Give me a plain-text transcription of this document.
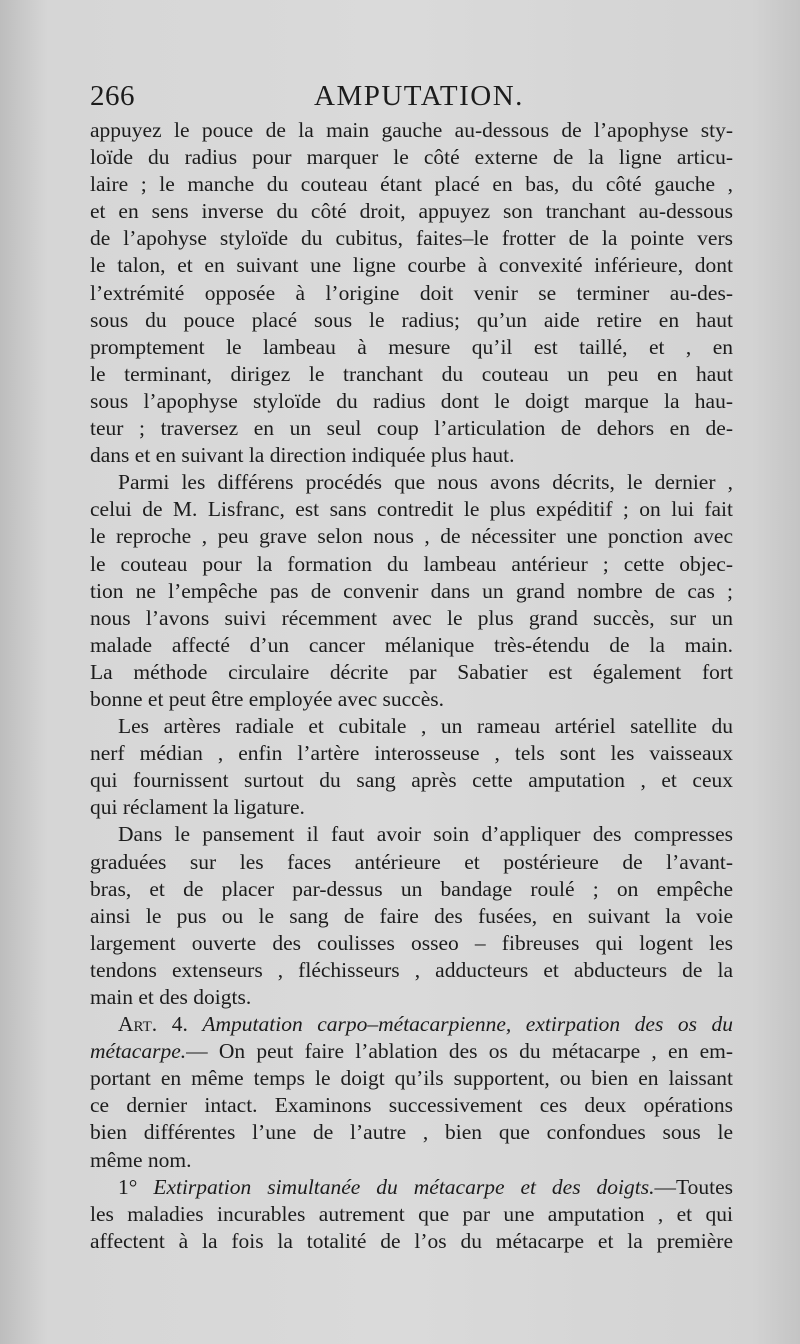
266	AMPUTATION.
appuyez le pouce de la main gauche au-dessous de l’apophyse sty-
loïde du radius pour marquer le côté externe de la ligne articu-
laire ; le manche du couteau étant placé en bas, du côté gauche ,
et en sens inverse du côté droit, appuyez son tranchant au-dessous
de l’apohyse styloïde du cubitus, faites–le frotter de la pointe vers
le talon, et en suivant une ligne courbe à convexité inférieure, dont
l’extrémité opposée à l’origine doit venir se terminer au-des-
sous du pouce placé sous le radius; qu’un aide retire en haut
promptement le lambeau à mesure qu’il est taillé, et , en
le terminant, dirigez le tranchant du couteau un peu en haut
sous l’apophyse styloïde du radius dont le doigt marque la hau-
teur ; traversez en un seul coup l’articulation de dehors en de-
dans et en suivant la direction indiquée plus haut.
Parmi les différens procédés que nous avons décrits, le dernier ,
celui de M. Lisfranc, est sans contredit le plus expéditif ; on lui fait
le reproche , peu grave selon nous , de nécessiter une ponction avec
le couteau pour la formation du lambeau antérieur ; cette objec-
tion ne l’empêche pas de convenir dans un grand nombre de cas ;
nous l’avons suivi récemment avec le plus grand succès, sur un
malade affecté d’un cancer mélanique très-étendu de la main.
La méthode circulaire décrite par Sabatier est également fort
bonne et peut être employée avec succès.
Les artères radiale et cubitale , un rameau artériel satellite du
nerf médian , enfin l’artère interosseuse , tels sont les vaisseaux
qui fournissent surtout du sang après cette amputation , et ceux
qui réclament la ligature.
Dans le pansement il faut avoir soin d’appliquer des compresses
graduées sur les faces antérieure et postérieure de l’avant-
bras, et de placer par-dessus un bandage roulé ; on empêche
ainsi le pus ou le sang de faire des fusées, en suivant la voie
largement ouverte des coulisses osseo – fibreuses qui logent les
tendons extenseurs , fléchisseurs , adducteurs et abducteurs de la
main et des doigts.
Art. 4. Amputation carpo–métacarpienne, extirpation des os du
métacarpe.— On peut faire l’ablation des os du métacarpe , en em-
portant en même temps le doigt qu’ils supportent, ou bien en laissant
ce dernier intact. Examinons successivement ces deux opérations
bien différentes l’une de l’autre , bien que confondues sous le
même nom.
1° Extirpation simultanée du métacarpe et des doigts.—Toutes
les maladies incurables autrement que par une amputation , et qui
affectent à la fois la totalité de l’os du métacarpe et la première
